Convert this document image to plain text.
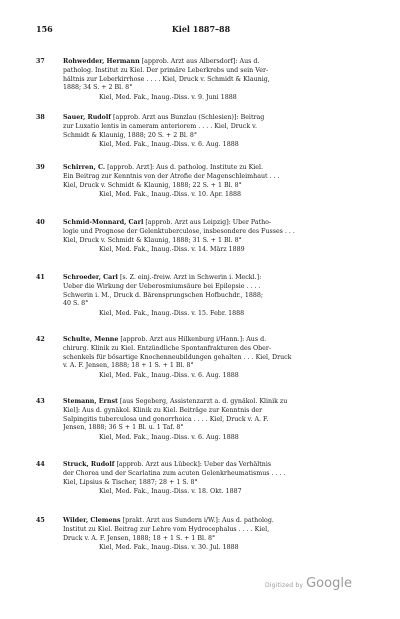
156	Kiel 1887–88
37	Rohwedder, Hermann [approb. Arzt aus Albersdorf]: Aus d.
patholog. Institut zu Kiel. Der primäre Leberkrebs und sein Ver-
hältnis zur Leberkirrhose . . . . Kiel, Druck v. Schmidt & Klaunig,
1888; 34 S. + 2 Bl. 8°
Kiel, Med. Fak., Inaug.-Diss. v. 9. Juni 1888
38	Sauer, Rudolf [approb. Arzt aus Bunzlau (Schlesien)]: Beitrag
zur Luxatio lentis in cameram anteriorem . . . . Kiel, Druck v.
Schmidt & Klaunig, 1888; 20 S. + 2 Bl. 8°
Kiel, Med. Fak., Inaug.-Diss. v. 6. Aug. 1888
39	Schirren, C. [approb. Arzt]: Aus d. patholog. Institute zu Kiel.
Ein Beitrag zur Kenntnis von der Atrofie der Magenschleimhaut . . .
Kiel, Druck v. Schmidt & Klaunig, 1888; 22 S. + 1 Bl. 8°
Kiel, Med. Fak., Inaug.-Diss. v. 10. Apr. 1888
40	Schmid-Monnard, Carl [approb. Arzt aus Leipzig]: Über Patho-
logie und Prognose der Gelenktuberculose, insbesondere des Fusses . . .
Kiel, Druck v. Schmidt & Klaunig, 1888; 31 S. + 1 Bl. 8°
Kiel, Med. Fak., Inaug.-Diss. v. 14. März 1889
41	Schroeder, Carl [s. Z. einj.-freiw. Arzt in Schwerin i. Meckl.]:
Ueber die Wirkung der Ueberosmiumsäure bei Epilepsie . . . .
Schwerin i. M., Druck d. Bärensprungschen Hofbuchdr., 1888;
40 S. 8°
Kiel, Med. Fak., Inaug.-Diss. v. 15. Febr. 1888
42	Schulte, Menne [approb. Arzt aus Hilkenburg i/Hann.]: Aus d.
chirurg. Klinik zu Kiel. Entzündliche Spontanfrakturen des Ober-
schenkels für bösartige Knochenneubildungen gehalten . . . Kiel, Druck
v. A. F. Jensen, 1888; 18 + 1 S. + 1 Bl. 8°
Kiel, Med. Fak., Inaug.-Diss. v. 6. Aug. 1888
43	Stemann, Ernst [aus Segeberg, Assistenzarzt a. d. gynäkol. Klinik zu
Kiel]: Aus d. gynäkol. Klinik zu Kiel. Beiträge zur Kenntnis der
Salpingitis tuberculosa und gonorrhoica . . . . Kiel, Druck v. A. F.
Jensen, 1888; 36 S + 1 Bl. u. 1 Taf. 8°
Kiel, Med. Fak., Inaug.-Diss. v. 6. Aug. 1888
44	Struck, Rudolf [approb. Arzt aus Lübeck]: Ueber das Verhältnis
der Chorea und der Scarlatina zum acuten Gelenkrheumatismus . . . .
Kiel, Lipsius & Tischer, 1887; 28 + 1 S. 8°
Kiel, Med. Fak., Inaug.-Diss. v. 18. Okt. 1887
45	Wilder, Clemens [prakt. Arzt aus Sundern i/W.]: Aus d. patholog.
Institut zu Kiel. Beitrag zur Lehre vom Hydrocephalus . . . . Kiel,
Druck v. A. F. Jensen, 1888; 18 + 1 S. + 1 Bl. 8°
Kiel, Med. Fak., Inaug.-Diss. v. 30. Jul. 1888
Digitized by Google
